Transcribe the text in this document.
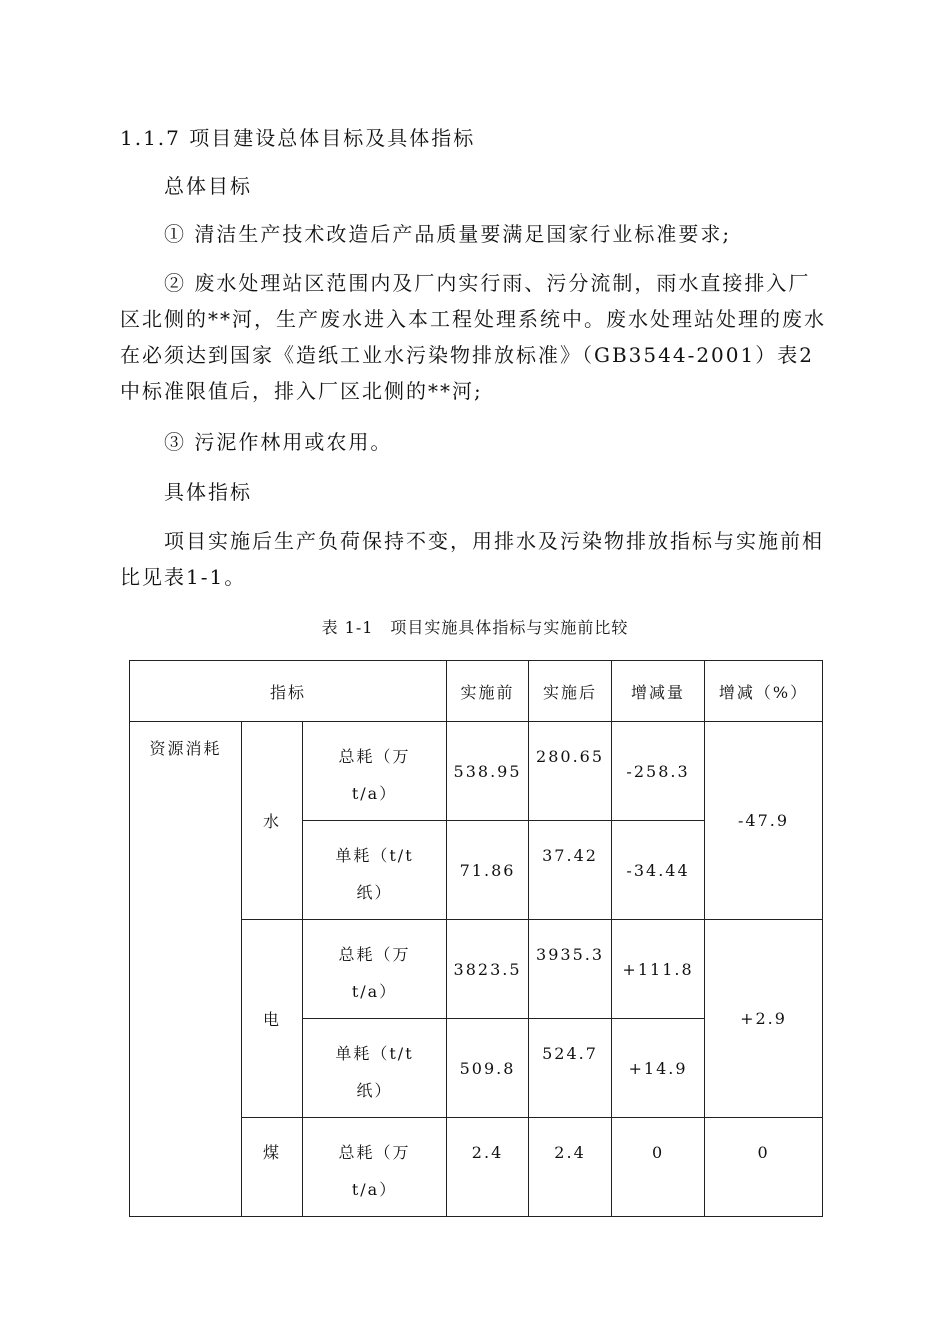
1.1.7 项目建设总体目标及具体指标

总体目标

① 清洁生产技术改造后产品质量要满足国家行业标准要求;

② 废水处理站区范围内及厂内实行雨、污分流制，雨水直接排入厂区北侧的**河，生产废水进入本工程处理系统中。废水处理站处理的废水在必须达到国家《造纸工业水污染物排放标准》（GB3544-2001）表2中标准限值后，排入厂区北侧的**河;

③ 污泥作林用或农用。

具体指标

项目实施后生产负荷保持不变，用排水及污染物排放指标与实施前相比见表1-1。

表 1-1　项目实施具体指标与实施前比较
指标			实施前	实施后	增减量	增减（%）
资源消耗	水	总耗（万
t/a）	538.95	280.65	-258.3	-47.9

		单耗（t/t
纸）	71.86	37.42	-34.44	
	电	总耗（万
t/a）	3823.5	3935.3	+111.8	+2.9

		单耗（t/t
纸）	509.8	524.7	+14.9	
	煤	总耗（万
t/a）	2.4	2.4	0	0
